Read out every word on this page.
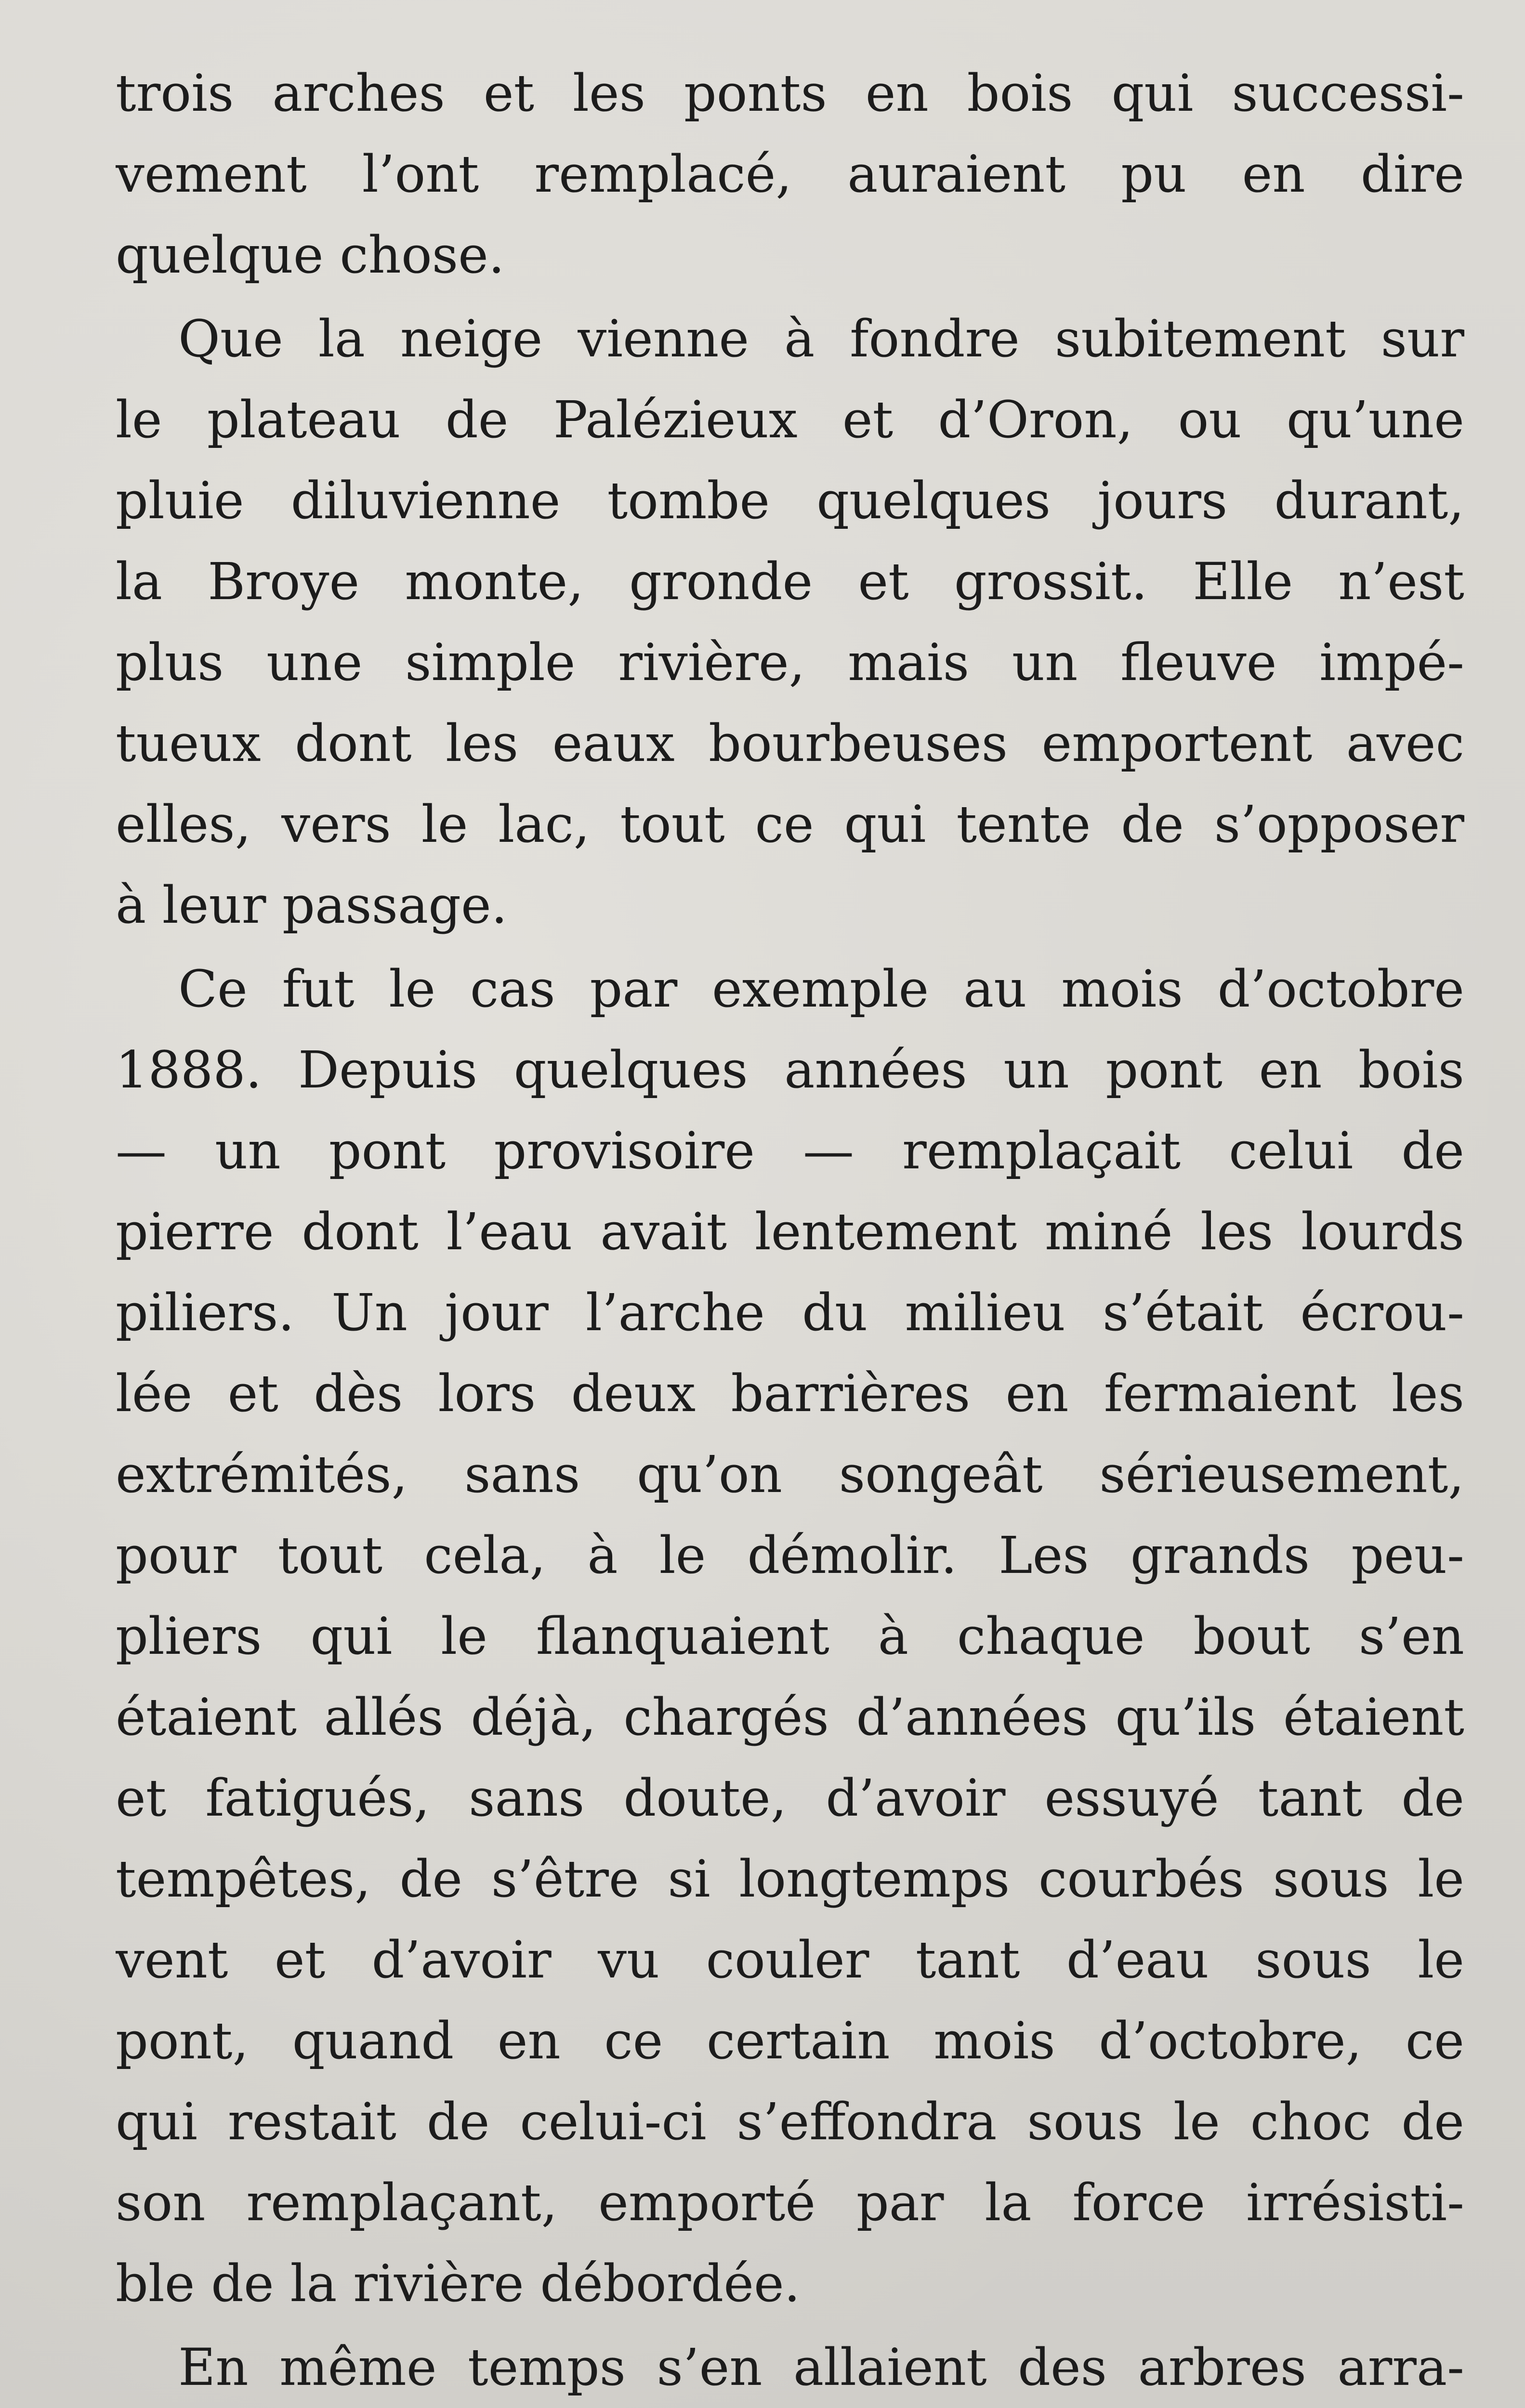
trois arches et les ponts en bois qui successi-
vement l’ont remplacé, auraient pu en dire
quelque chose.
Que la neige vienne à fondre subitement sur
le plateau de Palézieux et d’Oron, ou qu’une
pluie diluvienne tombe quelques jours durant,
la Broye monte, gronde et grossit. Elle n’est
plus une simple rivière, mais un fleuve impé-
tueux dont les eaux bourbeuses emportent avec
elles, vers le lac, tout ce qui tente de s’opposer
à leur passage.
Ce fut le cas par exemple au mois d’octobre
1888. Depuis quelques années un pont en bois
— un pont provisoire — remplaçait celui de
pierre dont l’eau avait lentement miné les lourds
piliers. Un jour l’arche du milieu s’était écrou-
lée et dès lors deux barrières en fermaient les
extrémités, sans qu’on songeât sérieusement,
pour tout cela, à le démolir. Les grands peu-
pliers qui le flanquaient à chaque bout s’en
étaient allés déjà, chargés d’années qu’ils étaient
et fatigués, sans doute, d’avoir essuyé tant de
tempêtes, de s’être si longtemps courbés sous le
vent et d’avoir vu couler tant d’eau sous le
pont, quand en ce certain mois d’octobre, ce
qui restait de celui-ci s’effondra sous le choc de
son remplaçant, emporté par la force irrésisti-
ble de la rivière débordée.
En même temps s’en allaient des arbres arra-
